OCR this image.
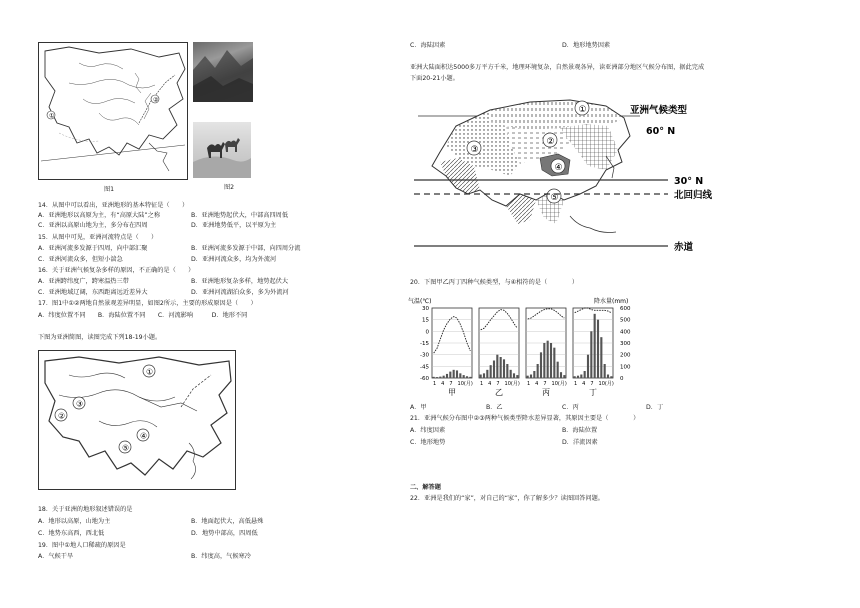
①
②
图1	图2
14．从图中可以看出，亚洲地形的基本特征是（　　）
A．亚洲地形以高原为主，有“高原大陆”之称	B．亚洲地势起伏大，中部高四周低
C．亚洲以高原山地为主，多分布在四周	D．亚洲地势低平，以平原为主
15．从图中可见，亚洲河流特点是（　　）
A．亚洲河流多发源于四周，向中部汇聚	B．亚洲河流多发源于中部，向四周分流
C．亚洲河流众多，但短小湍急	D．亚洲河流众多，均为外流河
16．关于亚洲气候复杂多样的原因，不正确的是（　　）
A．亚洲跨纬度广，跨寒温热三带	B．亚洲地形复杂多样，地势起伏大
C．亚洲地域辽阔，东西距离远近差异大	D．亚洲河流湖泊众多，多为外流河
17．图1中①②两地自然景观差异明显，如图2所示，主要的形成原因是（　　）
A．纬度位置不同　　B．海陆位置不同　　C．河流影响　　　D．地形不同
下图为亚洲简图，读图完成下列18-19小题。
①
②
③
④
⑤
18．关于亚洲的地形叙述错误的是
A．地形以高原，山地为主	B．地面起伏大，高低悬殊
C．地势东高西，西北低	D．地势中部高，四周低
19．图中①地人口稀疏的原因是
A．气候干旱	B．纬度高，气候寒冷
C．海陆因素	D．地形地势因素
亚洲大陆面积达5000多万平方千米，地理环境复杂，自然景观各异，读亚洲部分地区气候分布图，据此完成
下面20-21小题。
①
②
③
⑤
④
亚洲气候类型
60° N
30° N
北回归线
赤道
20．下图甲乙丙丁四种气候类型，与④相符的是（　　　　）
气温(℃)	降水量(mm)
30
15
0
-15
-30
-45
-60
600
500
400
300
200
100
0
1　4　7　10(月)
甲
1　4　7　10(月)
乙
1　4　7　10(月)
丙
1　4　7　10(月)
丁
A．甲	B．乙	C．丙	D．丁
21．亚洲气候分布图中②③两种气候类型降水差异显著，其原因主要是（　　　　）
A．纬度因素	B．海陆位置
C．地形地势	D．洋流因素
二、解答题
22．亚洲是我们的“家”，对自己的“家”，你了解多少？读图回答问题。
